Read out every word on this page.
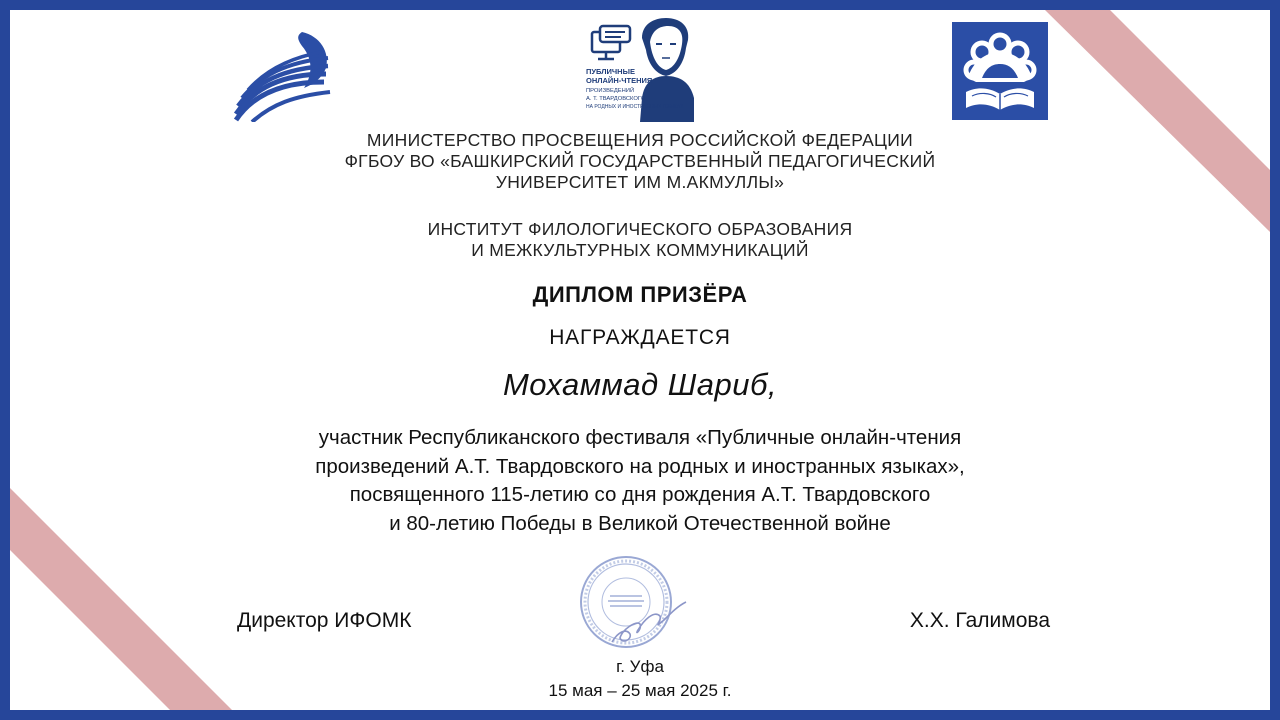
ПУБЛИЧНЫЕ
ОНЛАЙН-ЧТЕНИЯ
ПРОИЗВЕДЕНИЙ
А. Т. ТВАРДОВСКОГО
НА РОДНЫХ И ИНОСТРАННЫХ ЯЗЫКАХ
МИНИСТЕРСТВО ПРОСВЕЩЕНИЯ РОССИЙСКОЙ ФЕДЕРАЦИИ
ФГБОУ ВО «БАШКИРСКИЙ ГОСУДАРСТВЕННЫЙ ПЕДАГОГИЧЕСКИЙ
УНИВЕРСИТЕТ ИМ М.АКМУЛЛЫ»
ИНСТИТУТ ФИЛОЛОГИЧЕСКОГО ОБРАЗОВАНИЯ
И МЕЖКУЛЬТУРНЫХ КОММУНИКАЦИЙ
ДИПЛОМ ПРИЗЁРА
НАГРАЖДАЕТСЯ
Мохаммад Шариб,
участник Республиканского фестиваля «Публичные онлайн-чтения
произведений А.Т. Твардовского на родных и иностранных языках»,
посвященного 115-летию со дня рождения А.Т. Твардовского
и 80-летию Победы в Великой Отечественной войне
Директор ИФОМК	Х.Х. Галимова
г. Уфа
15 мая – 25 мая 2025 г.
